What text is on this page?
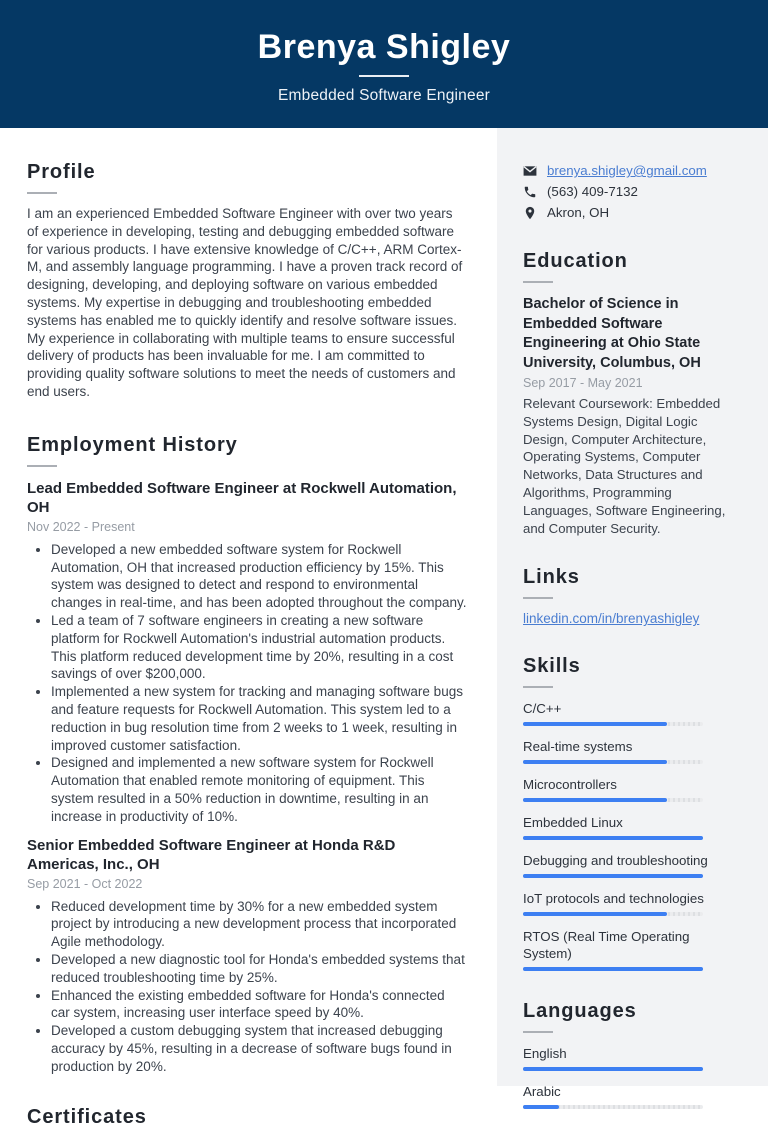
Brenya Shigley
Embedded Software Engineer
Profile

I am an experienced Embedded Software Engineer with over two years of experience in developing, testing and debugging embedded software for various products. I have extensive knowledge of C/C++, ARM Cortex-M, and assembly language programming. I have a proven track record of designing, developing, and deploying software on various embedded systems. My expertise in debugging and troubleshooting embedded systems has enabled me to quickly identify and resolve software issues. My experience in collaborating with multiple teams to ensure successful delivery of products has been invaluable for me. I am committed to providing quality software solutions to meet the needs of customers and end users.

Employment History
Lead Embedded Software Engineer at Rockwell Automation, OH
Nov 2022 - Present
• Developed a new embedded software system for Rockwell Automation, OH that increased production efficiency by 15%. This system was designed to detect and respond to environmental changes in real-time, and has been adopted throughout the company.
• Led a team of 7 software engineers in creating a new software platform for Rockwell Automation's industrial automation products. This platform reduced development time by 20%, resulting in a cost savings of over $200,000.
• Implemented a new system for tracking and managing software bugs and feature requests for Rockwell Automation. This system led to a reduction in bug resolution time from 2 weeks to 1 week, resulting in improved customer satisfaction.
• Designed and implemented a new software system for Rockwell Automation that enabled remote monitoring of equipment. This system resulted in a 50% reduction in downtime, resulting in an increase in productivity of 10%.
Senior Embedded Software Engineer at Honda R&D Americas, Inc., OH
Sep 2021 - Oct 2022
• Reduced development time by 30% for a new embedded system project by introducing a new development process that incorporated Agile methodology.
• Developed a new diagnostic tool for Honda's embedded systems that reduced troubleshooting time by 25%.
• Enhanced the existing embedded software for Honda's connected car system, increasing user interface speed by 40%.
• Developed a custom debugging system that increased debugging accuracy by 45%, resulting in a decrease of software bugs found in production by 20%.
Certificates
brenya.shigley@gmail.com
(563) 409-7132
Akron, OH
Education
Bachelor of Science in Embedded Software Engineering at Ohio State University, Columbus, OH
Sep 2017 - May 2021
Relevant Coursework: Embedded Systems Design, Digital Logic Design, Computer Architecture, Operating Systems, Computer Networks, Data Structures and Algorithms, Programming Languages, Software Engineering, and Computer Security.
Links
linkedin.com/in/brenyashigley
Skills
C/C++
Real-time systems
Microcontrollers
Embedded Linux
Debugging and troubleshooting
IoT protocols and technologies
RTOS (Real Time Operating System)
Languages
English
Arabic
